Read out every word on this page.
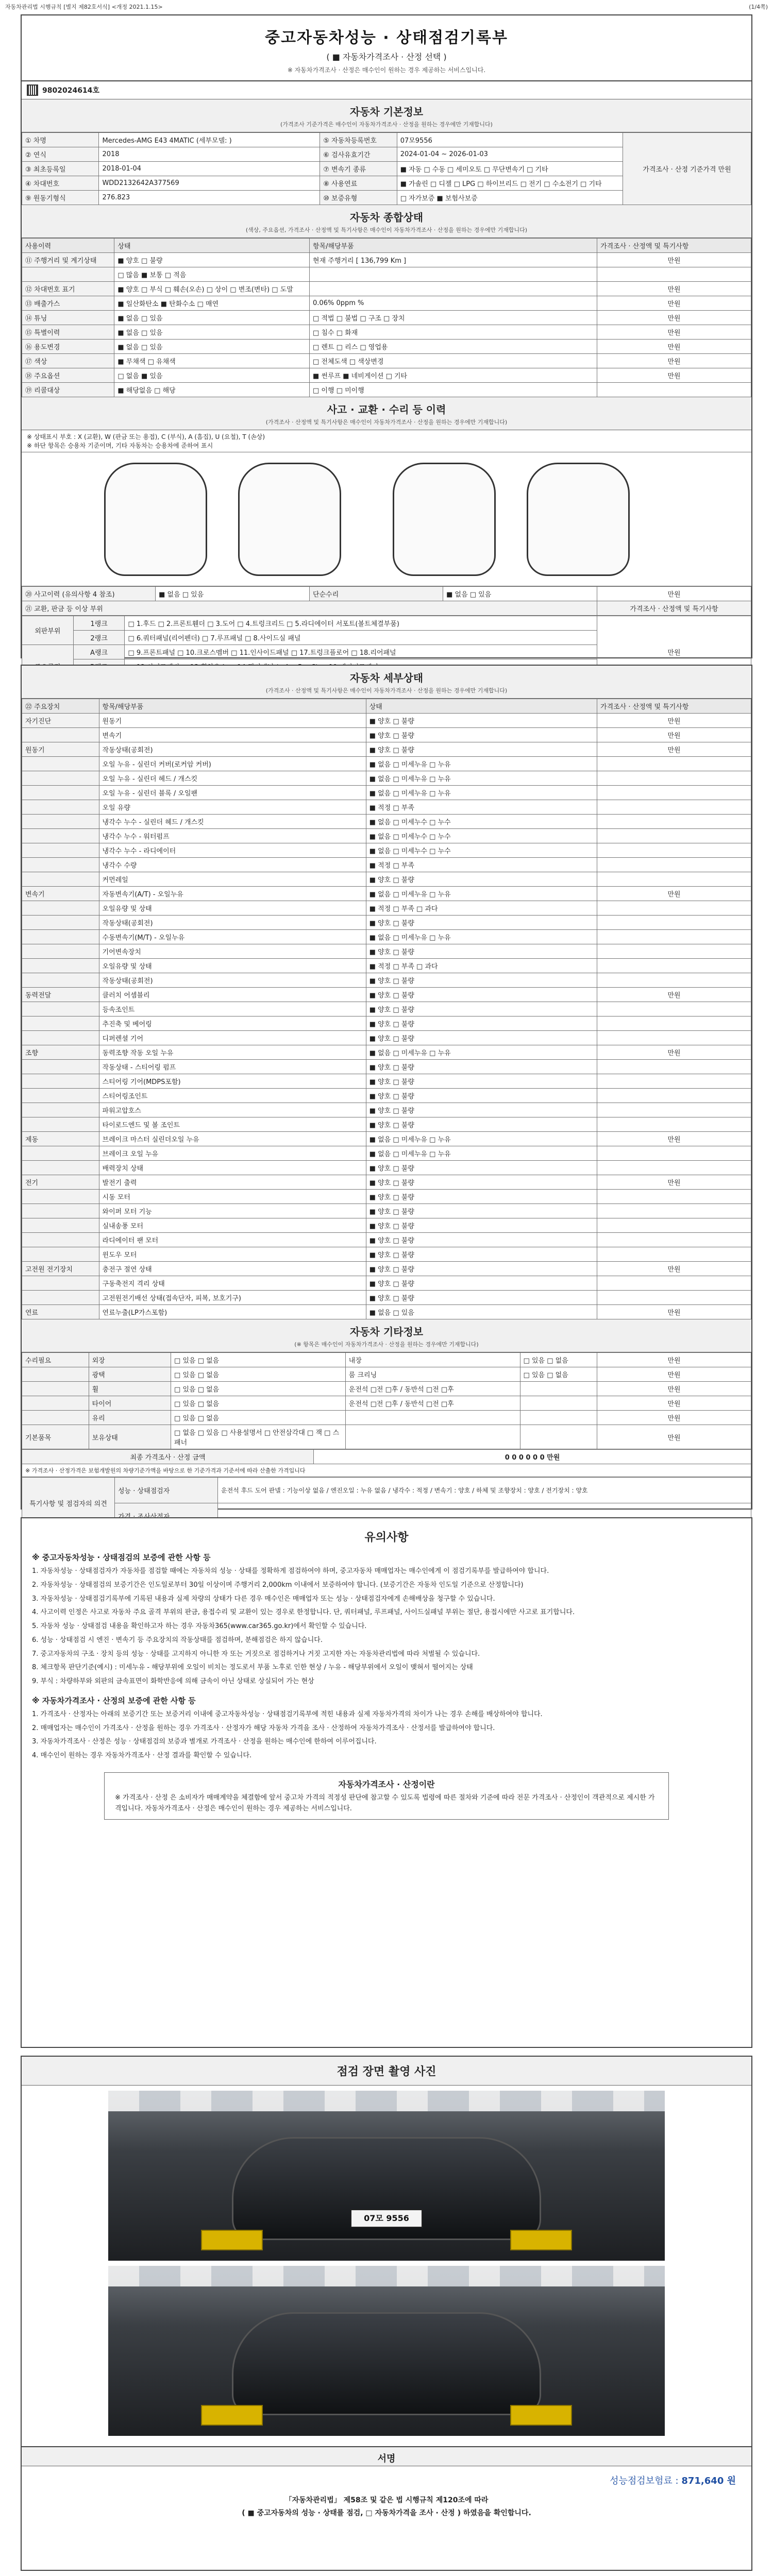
자동차관리법 시행규칙 [별지 제82호서식] <개정 2021.1.15>	(1/4쪽)
중고자동차성능 · 상태점검기록부
( ■ 자동차가격조사 · 산정 선택 )
※ 자동차가격조사 · 산정은 매수인이 원하는 경우 제공하는 서비스입니다.
9802024614호
자동차 기본정보
(가격조사 기준가격은 매수인이 자동차가격조사 · 산정을 원하는 경우에만 기재합니다)
① 차명	Mercedes-AMG E43 4MATIC (세부모델: )	⑤ 자동차등록번호	07모9556	가격조사 · 산정 기준가격 만원
② 연식	2018	⑥ 검사유효기간	2024-01-04 ~ 2026-01-03	
③ 최초등록일	2018-01-04	⑦ 변속기 종류	■ 자동 □ 수동 □ 세미오토 □ 무단변속기 □ 기타	
④ 차대번호	WDD2132642A377569	⑧ 사용연료	■ 가솔린 □ 디젤 □ LPG □ 하이브리드 □ 전기 □ 수소전기 □ 기타	
⑨ 원동기형식	276.823	⑩ 보증유형	□ 자가보증 ■ 보험사보증	
자동차 종합상태
(색상, 주요옵션, 가격조사 · 산정액 및 특기사항은 매수인이 자동차가격조사 · 산정을 원하는 경우에만 기재합니다)
사용이력	상태	항목/해당부품	가격조사 · 산정액 및 특기사항
⑪ 주행거리 및 계기상태	■ 양호 □ 불량	현재 주행거리 [ 136,799 Km ]	만원
	□ 많음 ■ 보통 □ 적음		
⑫ 차대번호 표기	■ 양호 □ 부식 □ 훼손(오손) □ 상이 □ 변조(변타) □ 도말		만원
⑬ 배출가스	■ 일산화탄소 ■ 탄화수소 □ 매연	0.06% 0ppm %	만원
⑭ 튜닝	■ 없음 □ 있음	□ 적법 □ 불법 □ 구조 □ 장치	만원
⑮ 특별이력	■ 없음 □ 있음	□ 침수 □ 화재	만원
⑯ 용도변경	■ 없음 □ 있음	□ 렌트 □ 리스 □ 영업용	만원
⑰ 색상	■ 무채색 □ 유채색	□ 전체도색 □ 색상변경	만원
⑱ 주요옵션	□ 없음 ■ 있음	■ 썬루프 ■ 네비게이션 □ 기타	만원
⑲ 리콜대상	■ 해당없음 □ 해당	□ 이행 □ 미이행	
사고 · 교환 · 수리 등 이력
(가격조사 · 산정액 및 특기사항은 매수인이 자동차가격조사 · 산정을 원하는 경우에만 기재합니다)
※ 상태표시 부호 : X (교환), W (판금 또는 용접), C (부식), A (흠집), U (요철), T (손상)
※ 하단 항목은 승용차 기준이며, 기타 자동차는 승용차에 준하여 표시
⑳ 사고이력 (유의사항 4 참조)	■ 없음 □ 있음	단순수리	■ 없음 □ 있음	만원
㉑ 교환, 판금 등 이상 부위				가격조사 · 산정액 및 특기사항
외판부위	1랭크	□ 1.후드 □ 2.프론트휀더 □ 3.도어 □ 4.트렁크리드 □ 5.라디에이터 서포트(볼트체결부품)	만원
	2랭크	□ 6.쿼터패널(리어펜더) □ 7.루프패널 □ 8.사이드실 패널	
	A랭크	□ 9.프론트패널 □ 10.크로스멤버 □ 11.인사이드패널 □ 17.트렁크플로어 □ 18.리어패널	

자동차 세부상태
(가격조사 · 산정액 및 특기사항은 매수인이 자동차가격조사 · 산정을 원하는 경우에만 기재합니다)
㉒ 주요장치	항목/해당부품	상태	가격조사 · 산정액 및 특기사항
자기진단	원동기	■ 양호 □ 불량	만원
	변속기	■ 양호 □ 불량	만원
원동기	작동상태(공회전)	■ 양호 □ 불량	만원
	오일 누유 - 실린더 커버(로커암 커버)	■ 없음 □ 미세누유 □ 누유	
	오일 누유 - 실린더 헤드 / 개스킷	■ 없음 □ 미세누유 □ 누유	
	오일 누유 - 실린더 블록 / 오일팬	■ 없음 □ 미세누유 □ 누유	
	오일 유량	■ 적정 □ 부족	
	냉각수 누수 - 실린더 헤드 / 개스킷	■ 없음 □ 미세누수 □ 누수	
	냉각수 누수 - 워터펌프	■ 없음 □ 미세누수 □ 누수	
	냉각수 누수 - 라디에이터	■ 없음 □ 미세누수 □ 누수	
	냉각수 수량	■ 적정 □ 부족	
	커먼레일	■ 양호 □ 불량	
변속기	자동변속기(A/T) - 오일누유	■ 없음 □ 미세누유 □ 누유	만원
	오일유량 및 상태	■ 적정 □ 부족 □ 과다	
	작동상태(공회전)	■ 양호 □ 불량	
	수동변속기(M/T) - 오일누유	■ 없음 □ 미세누유 □ 누유	
	기어변속장치	■ 양호 □ 불량	
	오일유량 및 상태	■ 적정 □ 부족 □ 과다	
	작동상태(공회전)	■ 양호 □ 불량	
동력전달	클러치 어셈블리	■ 양호 □ 불량	만원
	등속조인트	■ 양호 □ 불량	
	추진축 및 베어링	■ 양호 □ 불량	
	디퍼렌셜 기어	■ 양호 □ 불량	
조향	동력조향 작동 오일 누유	■ 없음 □ 미세누유 □ 누유	만원
	작동상태 - 스티어링 펌프	■ 양호 □ 불량	
	스티어링 기어(MDPS포함)	■ 양호 □ 불량	
	스티어링조인트	■ 양호 □ 불량	
	파워고압호스	■ 양호 □ 불량	
	타이로드엔드 및 볼 조인트	■ 양호 □ 불량	
제동	브레이크 마스터 실린더오일 누유	■ 없음 □ 미세누유 □ 누유	만원
	브레이크 오일 누유	■ 없음 □ 미세누유 □ 누유	
	배력장치 상태	■ 양호 □ 불량	
전기	발전기 출력	■ 양호 □ 불량	만원
	시동 모터	■ 양호 □ 불량	
	와이퍼 모터 기능	■ 양호 □ 불량	
	실내송풍 모터	■ 양호 □ 불량	
	라디에이터 팬 모터	■ 양호 □ 불량	
	윈도우 모터	■ 양호 □ 불량	
고전원 전기장치	충전구 절연 상태	■ 양호 □ 불량	만원
	구동축전지 격리 상태	■ 양호 □ 불량	
	고전원전기배선 상태(접속단자, 피복, 보호기구)	■ 양호 □ 불량	
연료	연료누출(LP가스포함)	■ 없음 □ 있음	만원
자동차 기타정보
(※ 항목은 매수인이 자동차가격조사 · 산정을 원하는 경우에만 기재합니다)
수리필요	외장	□ 있음 □ 없음	내장	□ 있음 □ 없음	만원
	광택	□ 있음 □ 없음	룸 크리닝	□ 있음 □ 없음	만원
	휠	□ 있음 □ 없음	운전석 □전 □후 / 동반석 □전 □후		만원
	타이어	□ 있음 □ 없음	운전석 □전 □후 / 동반석 □전 □후		만원
	유리	□ 있음 □ 없음			만원
기본품목	보유상태	□ 없음 □ 있음 □ 사용설명서 □ 안전삼각대 □ 잭 □ 스패너			만원
최종 가격조사 · 산정 금액	0 0 0 0 0 0 만원
※ 가격조사 · 산정가격은 보험개발원의 차량기준가액을 바탕으로 한 기준가격과 기준서에 따라 산출한 가격입니다
특기사항 및 점검자의 의견	성능 · 상태점검자	운전석 후드 도어 판넬 : 기능이상 없음 / 엔진오일 : 누유 없음 / 냉각수 : 적정 / 변속기 : 양호 / 하체 및 조향장치 : 양호 / 전기장치 : 양호

유의사항
※ 중고자동차성능 · 상태점검의 보증에 관한 사항 등

1. 자동차성능 · 상태점검자가 자동차를 점검할 때에는 자동차의 성능 · 상태를 정확하게 점검하여야 하며, 중고자동차 매매업자는 매수인에게 이 점검기록부를 발급하여야 합니다.

2. 자동차성능 · 상태점검의 보증기간은 인도일로부터 30일 이상이며 주행거리 2,000km 이내에서 보증하여야 합니다. (보증기간은 자동차 인도일 기준으로 산정합니다)

3. 자동차성능 · 상태점검기록부에 기록된 내용과 실제 차량의 상태가 다른 경우 매수인은 매매업자 또는 성능 · 상태점검자에게 손해배상을 청구할 수 있습니다.

4. 사고이력 인정은 사고로 자동차 주요 골격 부위의 판금, 용접수리 및 교환이 있는 경우로 한정합니다. 단, 쿼터패널, 루프패널, 사이드실패널 부위는 절단, 용접시에만 사고로 표기합니다.

5. 자동차 성능 · 상태점검 내용을 확인하고자 하는 경우 자동차365(www.car365.go.kr)에서 확인할 수 있습니다.

6. 성능 · 상태점검 시 엔진 · 변속기 등 주요장치의 작동상태를 점검하며, 분해점검은 하지 않습니다.

7. 중고자동차의 구조 · 장치 등의 성능 · 상태를 고지하지 아니한 자 또는 거짓으로 점검하거나 거짓 고지한 자는 자동차관리법에 따라 처벌될 수 있습니다.

8. 체크항목 판단기준(예시) : 미세누유 - 해당부위에 오일이 비치는 정도로서 부품 노후로 인한 현상 / 누유 - 해당부위에서 오일이 맺혀서 떨어지는 상태

9. 부식 : 차량하부와 외판의 금속표면이 화학반응에 의해 금속이 아닌 상태로 상실되어 가는 현상

※ 자동차가격조사 · 산정의 보증에 관한 사항 등

1. 가격조사 · 산정자는 아래의 보증기간 또는 보증거리 이내에 중고자동차성능 · 상태점검기록부에 적힌 내용과 실제 자동차가격의 차이가 나는 경우 손해를 배상하여야 합니다.

2. 매매업자는 매수인이 가격조사 · 산정을 원하는 경우 가격조사 · 산정자가 해당 자동차 가격을 조사 · 산정하여 자동차가격조사 · 산정서를 발급하여야 합니다.

3. 자동차가격조사 · 산정은 성능 · 상태점검의 보증과 별개로 가격조사 · 산정을 원하는 매수인에 한하여 이루어집니다.

4. 매수인이 원하는 경우 자동차가격조사 · 산정 결과를 확인할 수 있습니다.

자동차가격조사 · 산정이란
※ 가격조사 · 산정 은 소비자가 매매계약을 체결함에 앞서 중고차 가격의 적정성 판단에 참고할 수 있도록 법령에 따른 절차와 기준에 따라 전문 가격조사 · 산정인이 객관적으로 제시한 가격입니다. 자동차가격조사 · 산정은 매수인이 원하는 경우 제공하는 서비스입니다.
점검 장면 촬영 사진
07모 9556
서명
성능점검보험료 : 871,640 원
「자동차관리법」 제58조 및 같은 법 시행규칙 제120조에 따라
( ■ 중고자동차의 성능 · 상태를 점검, □ 자동차가격을 조사 · 산정 ) 하였음을 확인합니다.
